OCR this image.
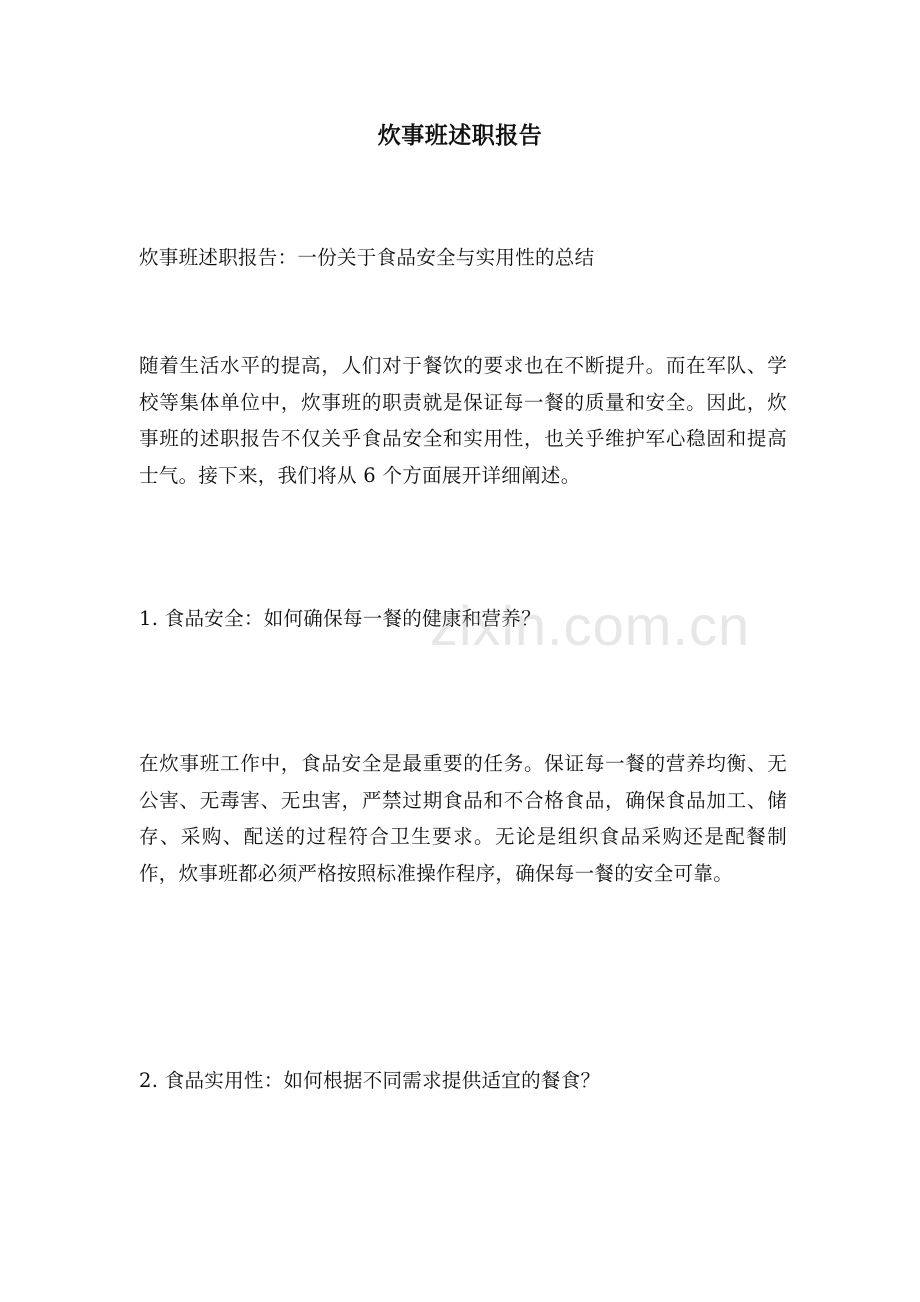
炊事班述职报告

炊事班述职报告：一份关于食品安全与实用性的总结

随着生活水平的提高，人们对于餐饮的要求也在不断提升。而在军队、学校等集体单位中，炊事班的职责就是保证每一餐的质量和安全。因此，炊事班的述职报告不仅关乎食品安全和实用性，也关乎维护军心稳固和提高士气。接下来，我们将从 6 个方面展开详细阐述。

1. 食品安全：如何确保每一餐的健康和营养？

在炊事班工作中，食品安全是最重要的任务。保证每一餐的营养均衡、无公害、无毒害、无虫害，严禁过期食品和不合格食品，确保食品加工、储存、采购、配送的过程符合卫生要求。无论是组织食品采购还是配餐制作，炊事班都必须严格按照标准操作程序，确保每一餐的安全可靠。

2. 食品实用性：如何根据不同需求提供适宜的餐食？

zixin.com.cn
